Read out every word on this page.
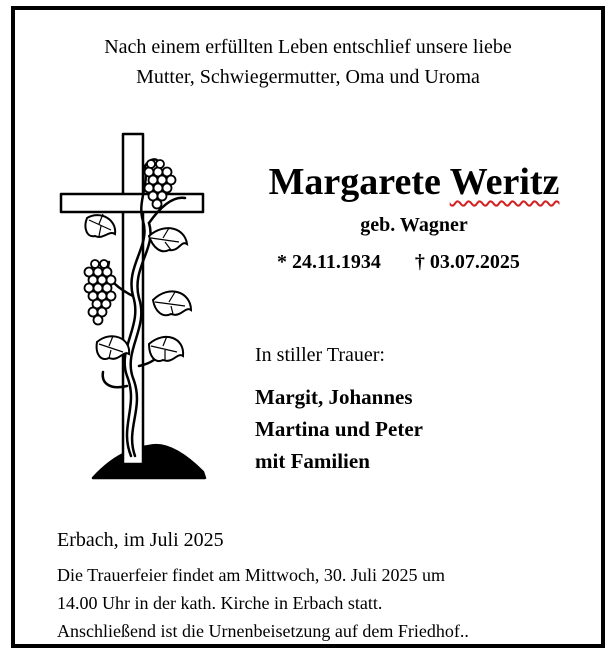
Nach einem erfüllten Leben entschlief unsere liebe
Mutter, Schwiegermutter, Oma und Uroma
Margarete Weritz
geb. Wagner
* 24.11.1934 † 03.07.2025
In stiller Trauer:
Margit, Johannes
Martina und Peter
mit Familien
Erbach, im Juli 2025
Die Trauerfeier findet am Mittwoch, 30. Juli 2025 um
14.00 Uhr in der kath. Kirche in Erbach statt.
Anschließend ist die Urnenbeisetzung auf dem Friedhof..
